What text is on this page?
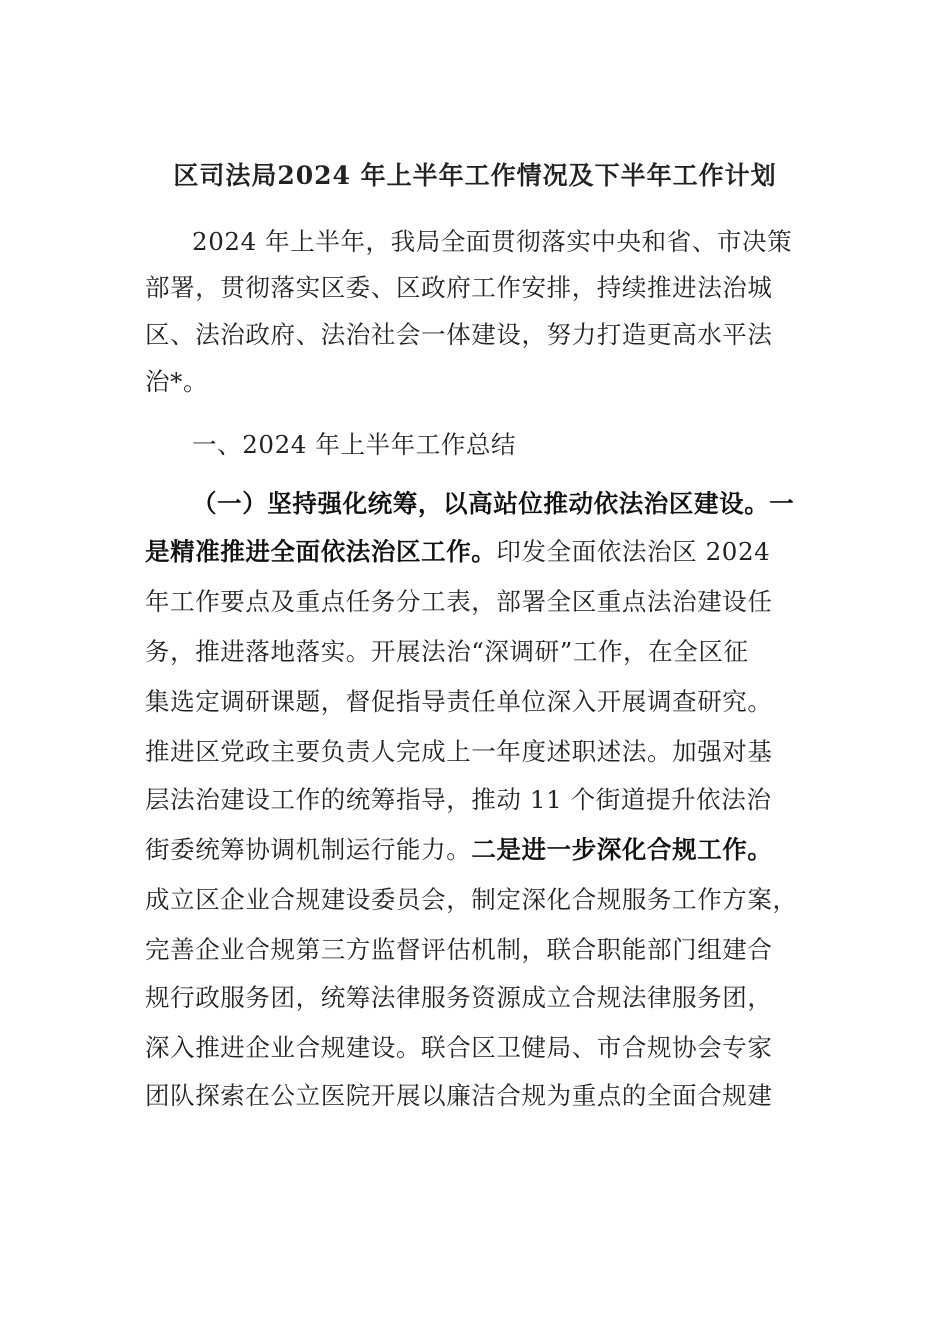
区司法局2024 年上半年工作情况及下半年工作计划
2024 年上半年，我局全面贯彻落实中央和省、市决策
部署，贯彻落实区委、区政府工作安排，持续推进法治城
区、法治政府、法治社会一体建设，努力打造更高水平法
治*。
一、2024 年上半年工作总结
（一）坚持强化统筹，以高站位推动依法治区建设。一
是精准推进全面依法治区工作。印发全面依法治区 2024
年工作要点及重点任务分工表，部署全区重点法治建设任
务，推进落地落实。开展法治“深调研”工作，在全区征
集选定调研课题，督促指导责任单位深入开展调查研究。
推进区党政主要负责人完成上一年度述职述法。加强对基
层法治建设工作的统筹指导，推动 11 个街道提升依法治
街委统筹协调机制运行能力。二是进一步深化合规工作。
成立区企业合规建设委员会，制定深化合规服务工作方案，
完善企业合规第三方监督评估机制，联合职能部门组建合
规行政服务团，统筹法律服务资源成立合规法律服务团，
深入推进企业合规建设。联合区卫健局、市合规协会专家
团队探索在公立医院开展以廉洁合规为重点的全面合规建
